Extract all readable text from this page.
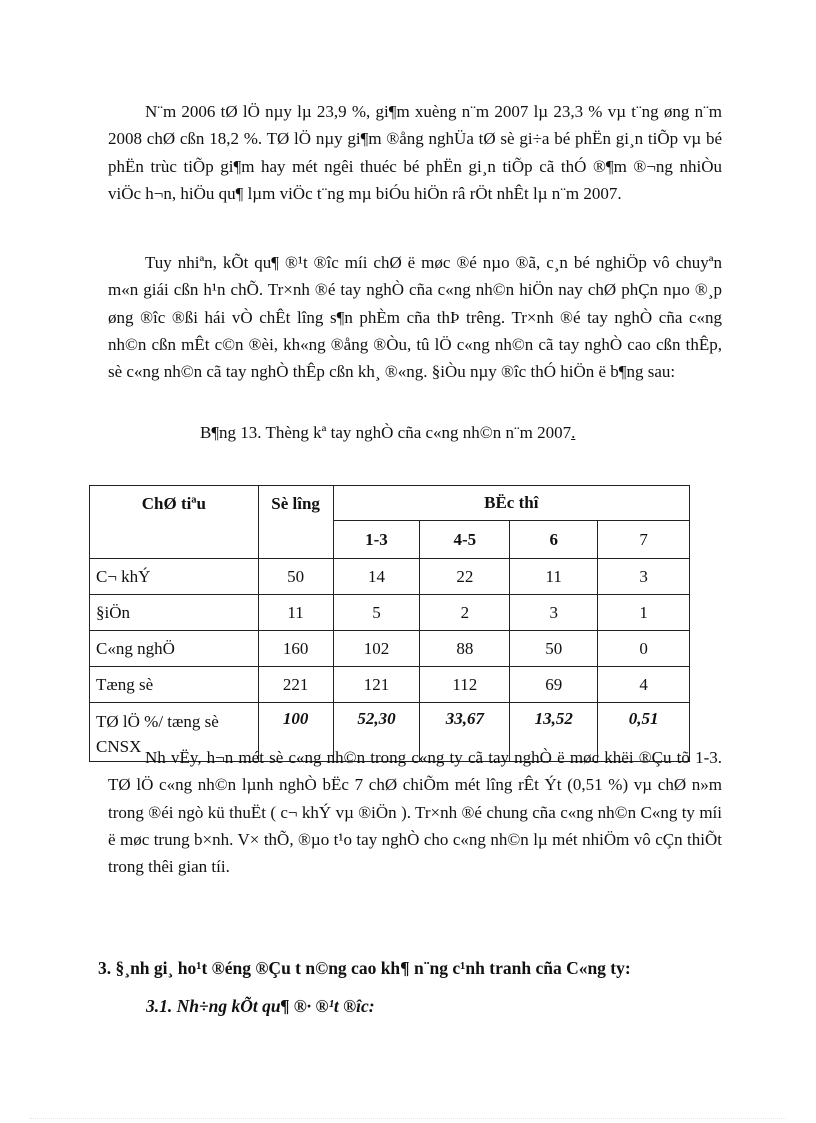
N¨m 2006 tØ lÖ nµy lµ 23,9 %, gi¶m xuèng n¨m 2007 lµ 23,3 % vµ t¨ng øng n¨m 2008 chØ cßn 18,2 %. TØ lÖ nµy gi¶m ®ång nghÜa tØ sè gi÷a bé phËn gi¸n tiÕp vµ bé phËn trùc tiÕp gi¶m hay mét ngêi thuéc bé phËn gi¸n tiÕp cã thÓ ®¶m ®¬ng nhiÒu viÖc h¬n, hiÖu qu¶ lµm viÖc t¨ng mµ biÓu hiÖn râ rÖt nhÊt lµ n¨m 2007.

Tuy nhiªn, kÕt qu¶ ®¹t ®îc míi chØ ë møc ®é nµo ®ã, c¸n bé nghiÖp vô chuyªn m«n giái cßn h¹n chÕ. Tr×nh ®é tay nghÒ cña c«ng nh©n hiÖn nay chØ phÇn nµo ®¸p øng ®îc ®ßi hái vÒ chÊt lîng s¶n phÈm cña thÞ trêng. Tr×nh ®é tay nghÒ cña c«ng nh©n cßn mÊt c©n ®èi, kh«ng ®ång ®Òu, tû lÖ c«ng nh©n cã tay nghÒ cao cßn thÊp, sè c«ng nh©n cã tay nghÒ thÊp cßn kh¸ ®«ng. §iÒu nµy ®îc thÓ hiÖn ë b¶ng sau:

B¶ng 13. Thèng kª tay nghÒ cña c«ng nh©n n¨m 2007.
ChØ tiªu	Sè lîng	BËc thî			
		1-3	4-5	6	7
C¬ khÝ	50	14	22	11	3
§iÖn	11	5	2	3	1
C«ng nghÖ	160	102	88	50	0
Tæng sè	221	121	112	69	4
TØ lÖ %/ tæng sè CNSX	100	52,30	33,67	13,52	0,51

Nh vËy, h¬n mét sè c«ng nh©n trong c«ng ty cã tay nghÒ ë møc khëi ®Çu tõ 1-3. TØ lÖ c«ng nh©n lµnh nghÒ bËc 7 chØ chiÕm mét lîng rÊt Ýt (0,51 %) vµ chØ n»m trong ®éi ngò kü thuËt ( c¬ khÝ vµ ®iÖn ). Tr×nh ®é chung cña c«ng nh©n C«ng ty míi ë møc trung b×nh. V× thÕ, ®µo t¹o tay nghÒ cho c«ng nh©n lµ mét nhiÖm vô cÇn thiÕt trong thêi gian tíi.

3. §¸nh gi¸ ho¹t ®éng ®Çu t n©ng cao kh¶ n¨ng c¹nh tranh cña C«ng ty:
3.1. Nh÷ng kÕt qu¶ ®· ®¹t ®îc:
